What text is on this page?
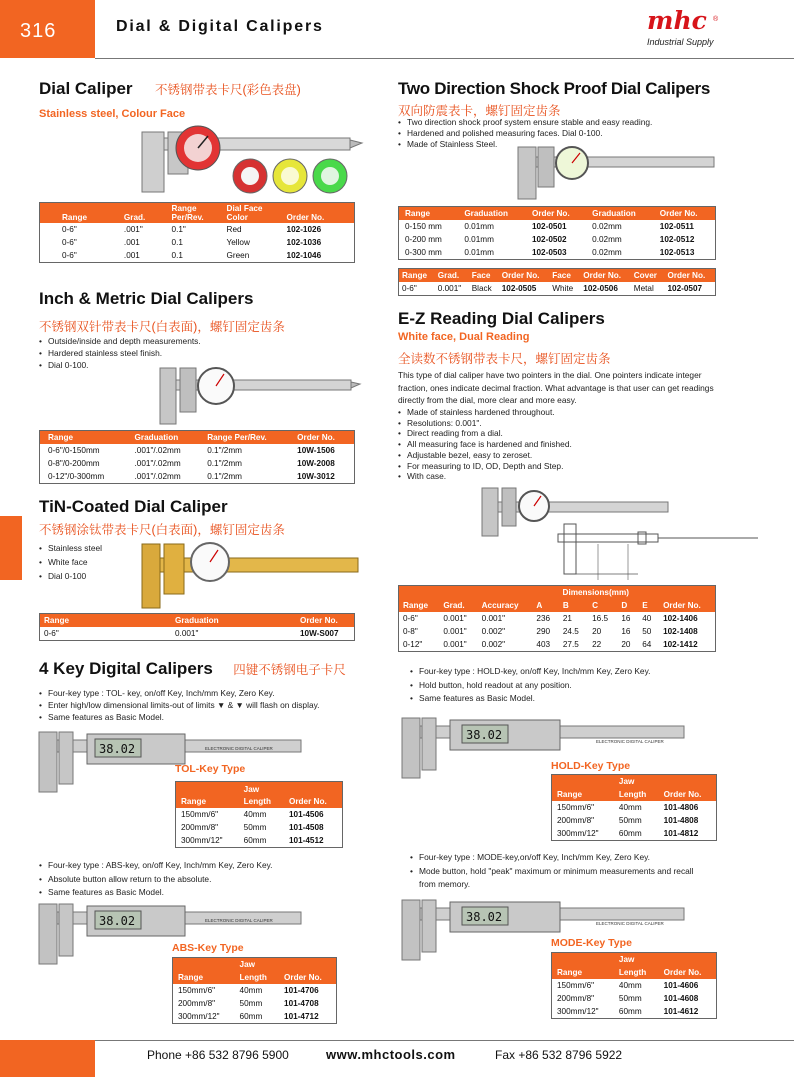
316	Dial & Digital Calipers	mhc ®
Industrial Supply
Dial Caliper 不锈钢带表卡尺(彩色表盘)
Stainless steel, Colour Face
Range	Grad.	Range Per/Rev.	Dial Face Color	Order No.
0-6"	.001"	0.1"	Red	102-1026
0-6"	.001	0.1	Yellow	102-1036
0-6"	.001	0.1	Green	102-1046
Inch & Metric Dial Calipers
不锈钢双针带表卡尺(白表面)，螺钉固定齿条
• Outside/inside and depth measurements.
• Hardered stainless steel finish.
• Dial 0-100.
Range	Graduation	Range Per/Rev.	Order No.
0-6"/0-150mm	.001"/.02mm	0.1"/2mm	10W-1506
0-8"/0-200mm	.001"/.02mm	0.1"/2mm	10W-2008
0-12"/0-300mm	.001"/.02mm	0.1"/2mm	10W-3012
TiN-Coated Dial Caliper
不锈钢涂钛带表卡尺(白表面)，螺钉固定齿条
• Stainless steel
• White face
• Dial 0-100
Range	Graduation	Order No.
0-6"	0.001"	10W-S007
4 Key Digital Calipers 四键不锈钢电子卡尺
• Four-key type : TOL- key, on/off Key, Inch/mm Key, Zero Key.
• Enter high/low dimensional limits-out of limits ▼ & ▼ will flash on display.
• Same features as Basic Model.
38.02	ELECTRONIC DIGITAL CALIPER
TOL-Key Type
	Jaw	
Range	Length	Order No.
150mm/6"	40mm	101-4506
200mm/8"	50mm	101-4508
300mm/12"	60mm	101-4512
• Four-key type : ABS-key, on/off Key, Inch/mm Key, Zero Key.
• Absolute button allow return to the absolute.
• Same features as Basic Model.
38.02	ELECTRONIC DIGITAL CALIPER
ABS-Key Type
	Jaw	
Range	Length	Order No.
150mm/6"	40mm	101-4706
200mm/8"	50mm	101-4708
300mm/12"	60mm	101-4712
Two Direction Shock Proof Dial Calipers
双向防震表卡，螺钉固定齿条
• Two direction shock proof system ensure stable and easy reading.
• Hardened and polished measuring faces. Dial 0-100.
• Made of Stainless Steel.
Range	Graduation	Order No.	Graduation	Order No.
0-150 mm	0.01mm	102-0501	0.02mm	102-0511
0-200 mm	0.01mm	102-0502	0.02mm	102-0512
0-300 mm	0.01mm	102-0503	0.02mm	102-0513
Range	Grad.	Face	Order No.	Face	Order No.	Cover	Order No.
0-6"	0.001"	Black	102-0505	White	102-0506	Metal	102-0507
E-Z Reading Dial Calipers
White face, Dual Reading
全读数不锈钢带表卡尺，螺钉固定齿条
This type of dial caliper have two pointers in the dial. One pointers indicate integer fraction, ones indicate decimal fraction. What advantage is that user can get readings directly from the dial, more clear and more easy.
• Made of stainless hardened throughout.
• Resolutions: 0.001".
• Direct reading from a dial.
• All measuring face is hardened and finished.
• Adjustable bezel, easy to zeroset.
• For measuring to ID, OD, Depth and Step.
• With case.
			Dimensions(mm)					
Range	Grad.	Accuracy	A	B	C	D	E	Order No.
0-6"	0.001"	0.001"	236	21	16.5	16	40	102-1406
0-8"	0.001"	0.002"	290	24.5	20	16	50	102-1408
0-12"	0.001"	0.002"	403	27.5	22	20	64	102-1412
• Four-key type : HOLD-key, on/off Key, Inch/mm Key, Zero Key.
• Hold button, hold readout at any position.
• Same features as Basic Model.
38.02	ELECTRONIC DIGITAL CALIPER
HOLD-Key Type
	Jaw	
Range	Length	Order No.
150mm/6"	40mm	101-4806
200mm/8"	50mm	101-4808
300mm/12"	60mm	101-4812
• Four-key type : MODE-key,on/off Key, Inch/mm Key, Zero Key.
• Mode button, hold "peak" maximum or minimum measurements and recall from memory.
38.02	ELECTRONIC DIGITAL CALIPER
MODE-Key Type
	Jaw	
Range	Length	Order No.
150mm/6"	40mm	101-4606
200mm/8"	50mm	101-4608
300mm/12"	60mm	101-4612
Phone +86 532 8796 5900	www.mhctools.com	Fax +86 532 8796 5922
